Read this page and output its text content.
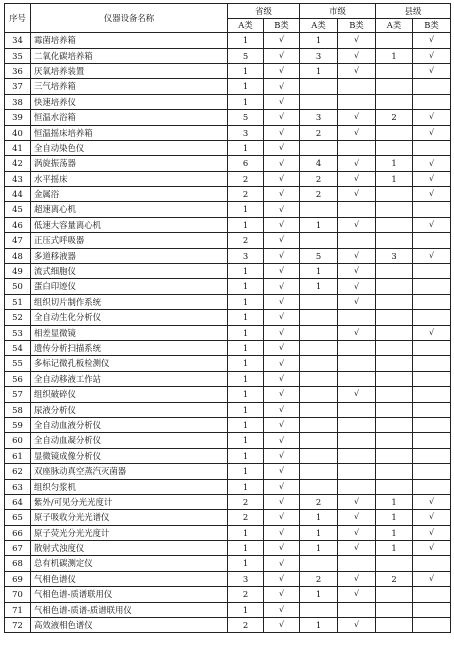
序号	仪器设备名称	省级		市级		县级	
		A类	B类	A类	B类	A类	B类
34	霉菌培养箱	1	√	1	√		√
35	二氧化碳培养箱	5	√	3	√	1	√
36	厌氧培养装置	1	√	1	√		√
37	三气培养箱	1	√				
38	快速培养仪	1	√				
39	恒温水浴箱	5	√	3	√	2	√
40	恒温摇床培养箱	3	√	2	√		√
41	全自动染色仪	1	√				
42	涡旋振荡器	6	√	4	√	1	√
43	水平摇床	2	√	2	√	1	√
44	金属浴	2	√	2	√		√
45	超速离心机	1	√				
46	低速大容量离心机	1	√	1	√		√
47	正压式呼吸器	2	√				
48	多道移液器	3	√	5	√	3	√
49	流式细胞仪	1	√	1	√		
50	蛋白印迹仪	1	√	1	√		
51	组织切片制作系统	1	√		√		
52	全自动生化分析仪	1	√				
53	相差显微镜	1	√		√		√
54	遗传分析扫描系统	1	√				
55	多标记微孔板检测仪	1	√				
56	全自动移液工作站	1	√				
57	组织破碎仪	1	√		√		
58	尿液分析仪	1	√				
59	全自动血液分析仪	1	√				
60	全自动血凝分析仪	1	√				
61	显微镜成像分析仪	1	√				
62	双座脉动真空蒸汽灭菌器	1	√				
63	组织匀浆机	1	√				
64	紫外/可见分光光度计	2	√	2	√	1	√
65	原子吸收分光光谱仪	2	√	1	√	1	√
66	原子荧光分光光度计	1	√	1	√	1	√
67	散射式浊度仪	1	√	1	√	1	√
68	总有机碳测定仪	1	√				
69	气相色谱仪	3	√	2	√	2	√
70	气相色谱-质谱联用仪	2	√	1	√		
71	气相色谱-质谱-质谱联用仪	1	√				
72	高效液相色谱仪	2	√	1	√		
